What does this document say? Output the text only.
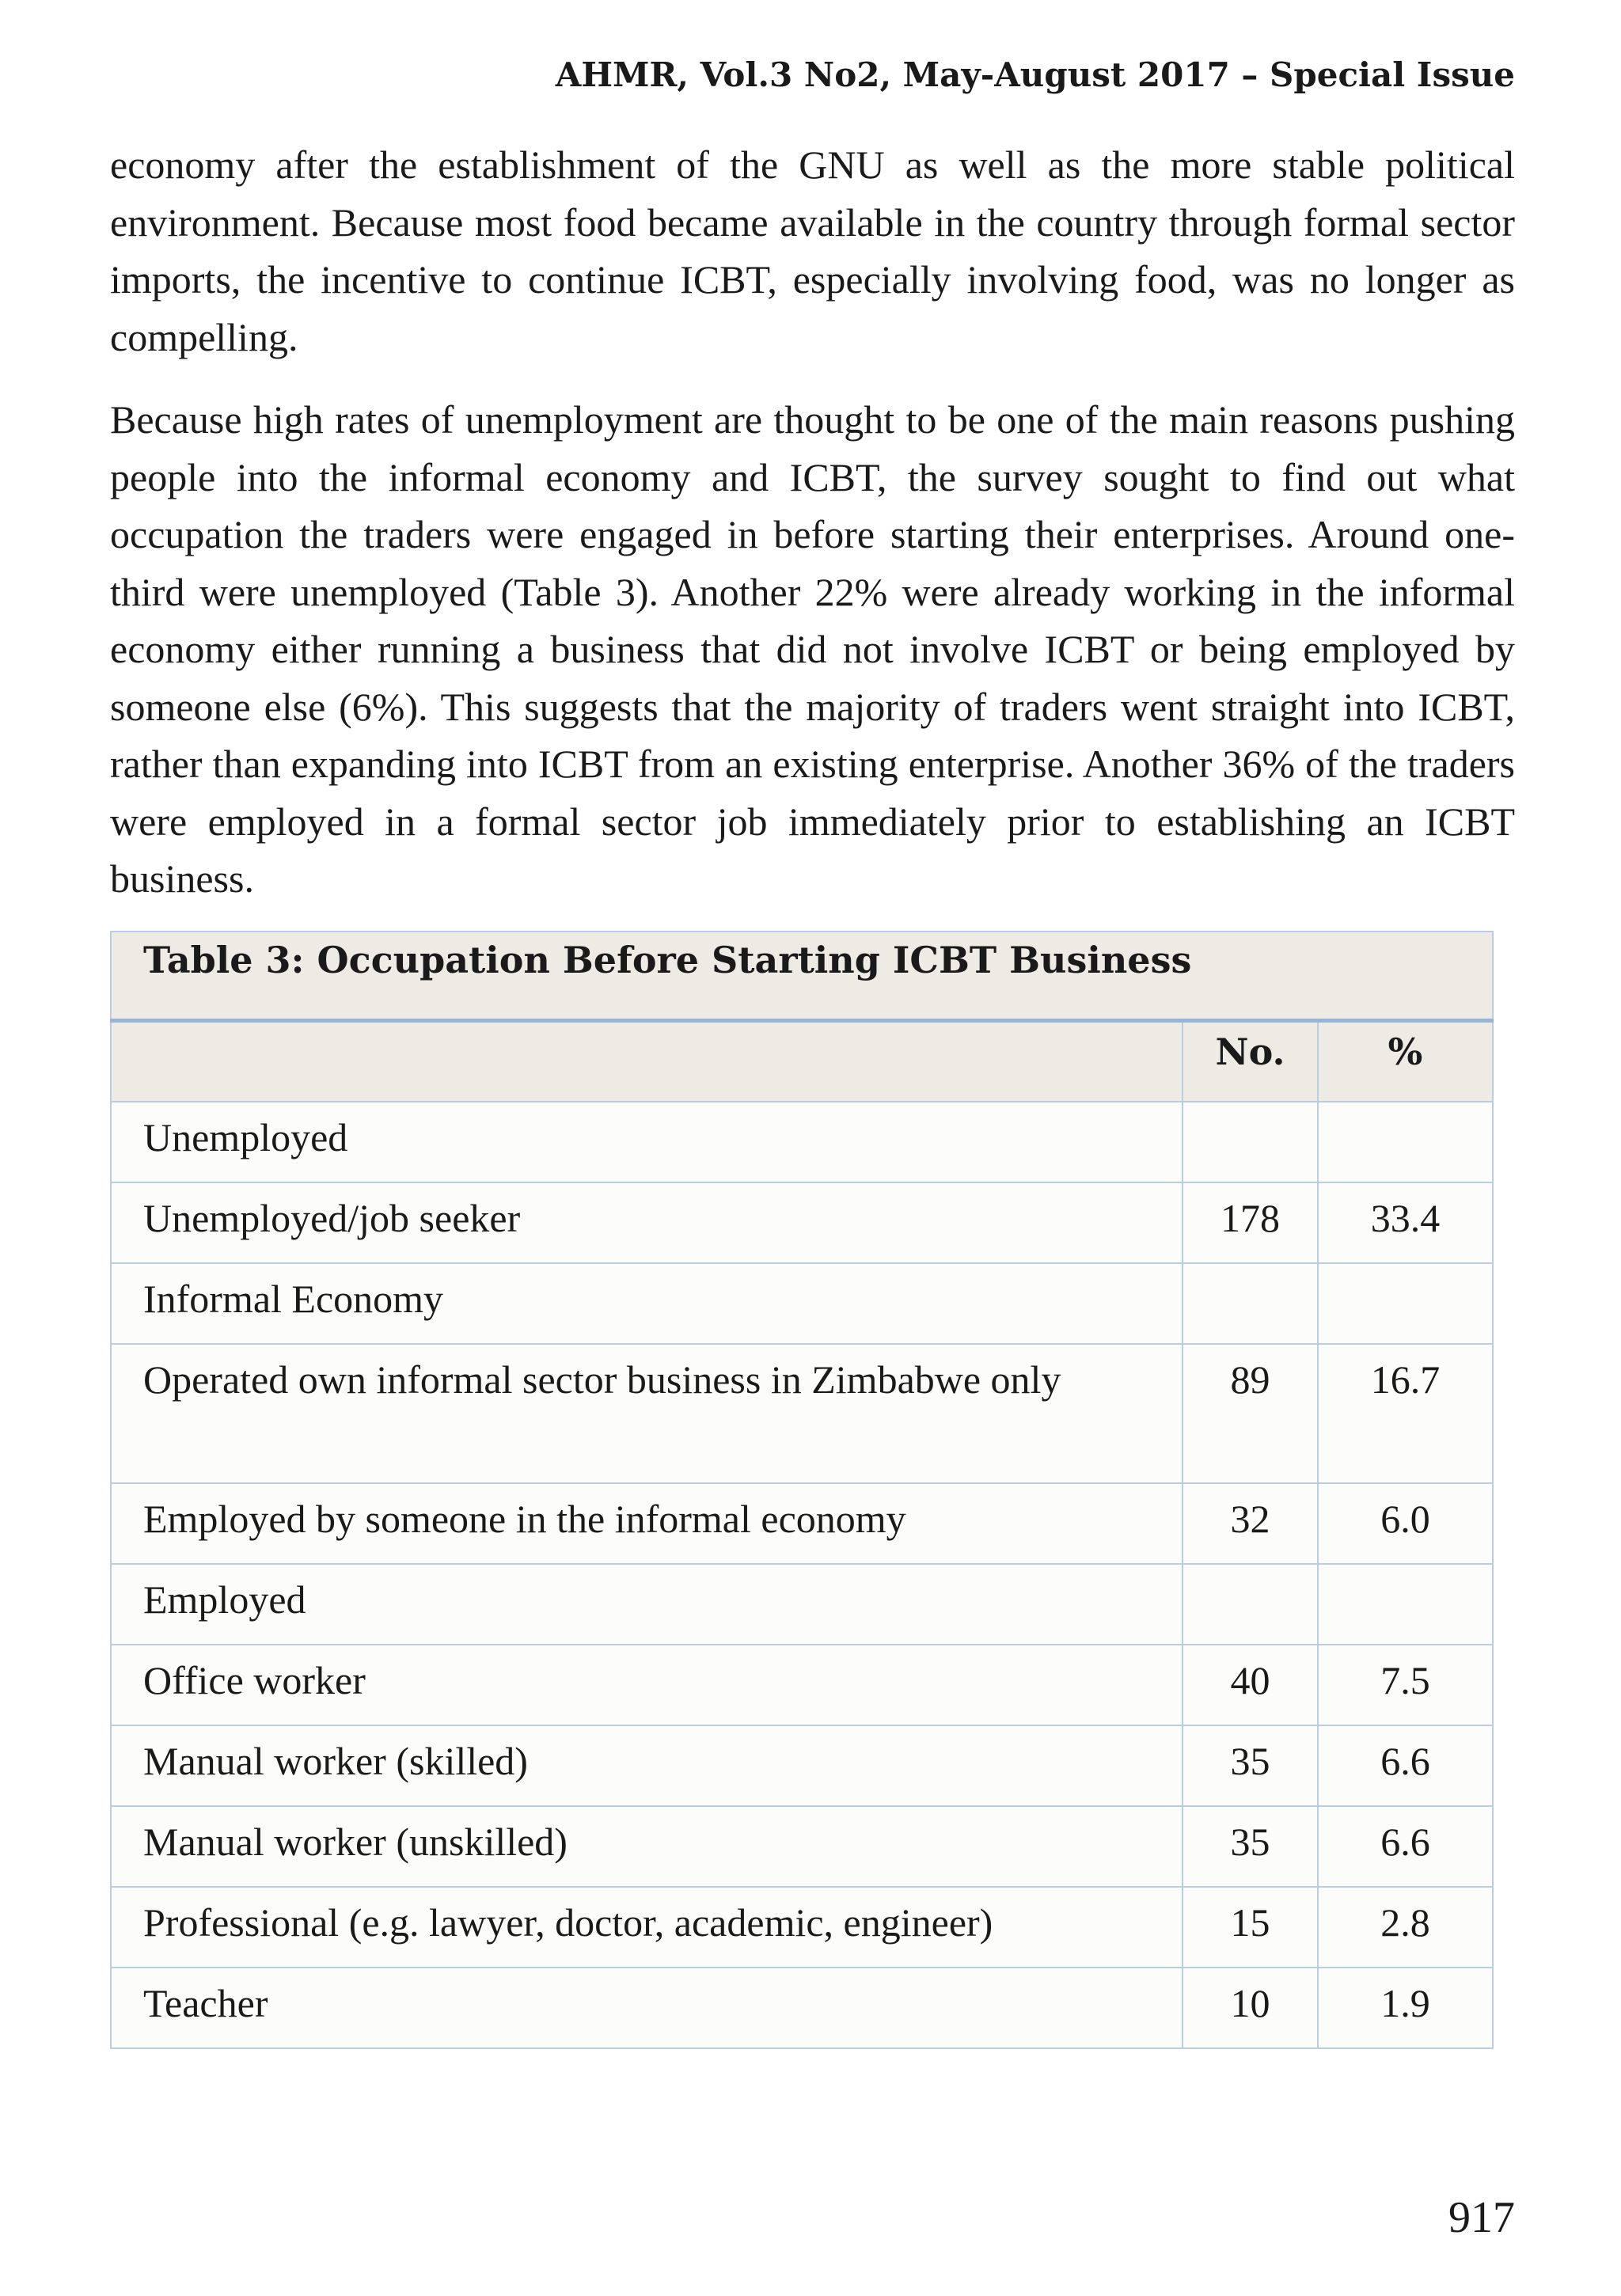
AHMR, Vol.3 No2, May-August 2017 – Special Issue

economy after the establishment of the GNU as well as the more stable political environment. Because most food became available in the country through formal sector imports, the incentive to continue ICBT, especially involving food, was no longer as compelling.

Because high rates of unemployment are thought to be one of the main reasons pushing people into the informal economy and ICBT, the survey sought to find out what occupation the traders were engaged in before starting their enterprises. Around one-third were unemployed (Table 3). Another 22% were already working in the informal economy either running a business that did not involve ICBT or being employed by someone else (6%). This suggests that the majority of traders went straight into ICBT, rather than expanding into ICBT from an existing enterprise. Another 36% of the traders were employed in a formal sector job immediately prior to establishing an ICBT business.

Table 3: Occupation Before Starting ICBT Business		
	No.	%
Unemployed		
Unemployed/job seeker	178	33.4
Informal Economy		
Operated own informal sector business in Zimbabwe only	89	16.7
Employed by someone in the informal economy	32	6.0
Employed		
Office worker	40	7.5
Manual worker (skilled)	35	6.6
Manual worker (unskilled)	35	6.6
Professional (e.g. lawyer, doctor, academic, engineer)	15	2.8
Teacher	10	1.9
917
